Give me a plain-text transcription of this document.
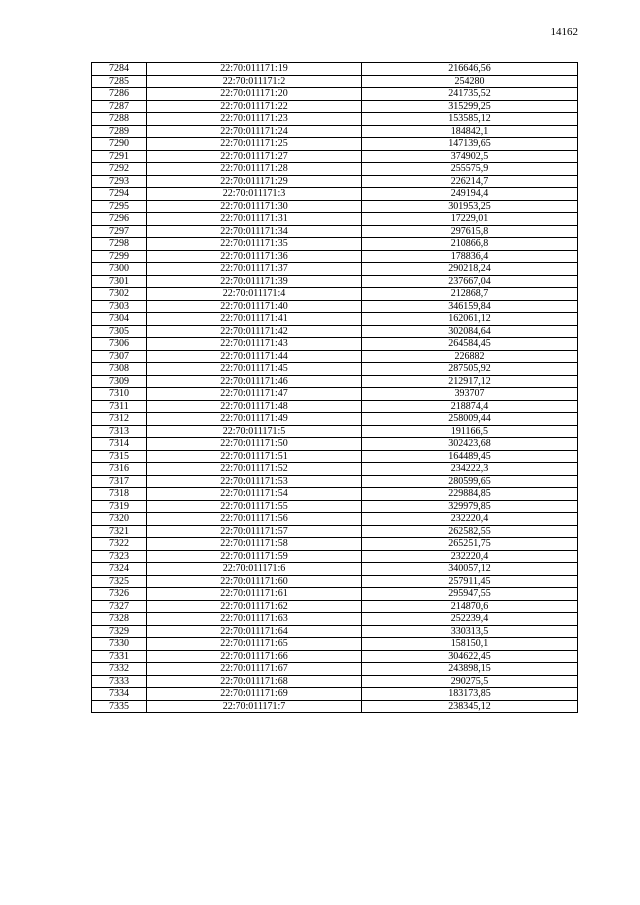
14162
7284	22:70:011171:19	216646,56
7285	22:70:011171:2	254280
7286	22:70:011171:20	241735,52
7287	22:70:011171:22	315299,25
7288	22:70:011171:23	153585,12
7289	22:70:011171:24	184842,1
7290	22:70:011171:25	147139,65
7291	22:70:011171:27	374902,5
7292	22:70:011171:28	255575,9
7293	22:70:011171:29	226214,7
7294	22:70:011171:3	249194,4
7295	22:70:011171:30	301953,25
7296	22:70:011171:31	17229,01
7297	22:70:011171:34	297615,8
7298	22:70:011171:35	210866,8
7299	22:70:011171:36	178836,4
7300	22:70:011171:37	290218,24
7301	22:70:011171:39	237667,04
7302	22:70:011171:4	212868,7
7303	22:70:011171:40	346159,84
7304	22:70:011171:41	162061,12
7305	22:70:011171:42	302084,64
7306	22:70:011171:43	264584,45
7307	22:70:011171:44	226882
7308	22:70:011171:45	287505,92
7309	22:70:011171:46	212917,12
7310	22:70:011171:47	393707
7311	22:70:011171:48	218874,4
7312	22:70:011171:49	258009,44
7313	22:70:011171:5	191166,5
7314	22:70:011171:50	302423,68
7315	22:70:011171:51	164489,45
7316	22:70:011171:52	234222,3
7317	22:70:011171:53	280599,65
7318	22:70:011171:54	229884,85
7319	22:70:011171:55	329979,85
7320	22:70:011171:56	232220,4
7321	22:70:011171:57	262582,55
7322	22:70:011171:58	265251,75
7323	22:70:011171:59	232220,4
7324	22:70:011171:6	340057,12
7325	22:70:011171:60	257911,45
7326	22:70:011171:61	295947,55
7327	22:70:011171:62	214870,6
7328	22:70:011171:63	252239,4
7329	22:70:011171:64	330313,5
7330	22:70:011171:65	158150,1
7331	22:70:011171:66	304622,45
7332	22:70:011171:67	243898,15
7333	22:70:011171:68	290275,5
7334	22:70:011171:69	183173,85
7335	22:70:011171:7	238345,12
